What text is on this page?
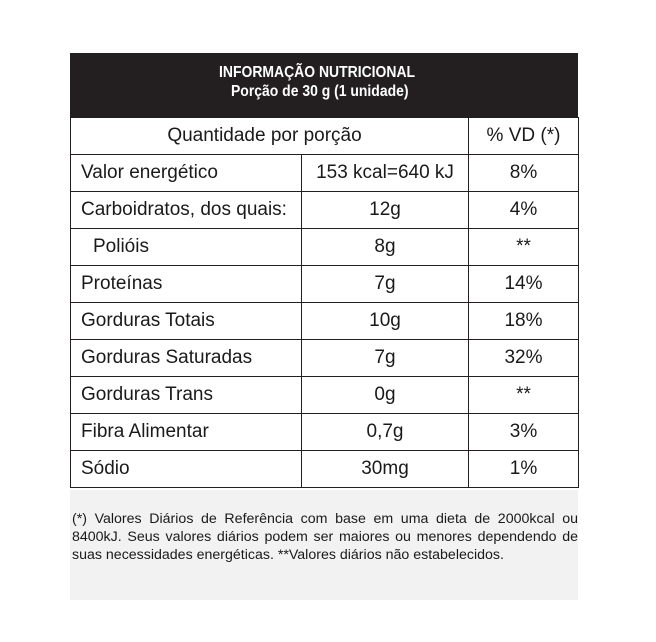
INFORMAÇÃO NUTRICIONAL
Porção de 30 g (1 unidade)
Quantidade por porção		% VD (*)
Valor energético	153 kcal=640 kJ	8%
Carboidratos, dos quais:	12g	4%
Polióis	8g	**
Proteínas	7g	14%
Gorduras Totais	10g	18%
Gorduras Saturadas	7g	32%
Gorduras Trans	0g	**
Fibra Alimentar	0,7g	3%
Sódio	30mg	1%

(*) Valores Diários de Referência com base em uma dieta de 2000kcal ou 8400kJ. Seus valores diários podem ser maiores ou menores dependendo de suas necessidades energéticas. **Valores diários não estabelecidos.
